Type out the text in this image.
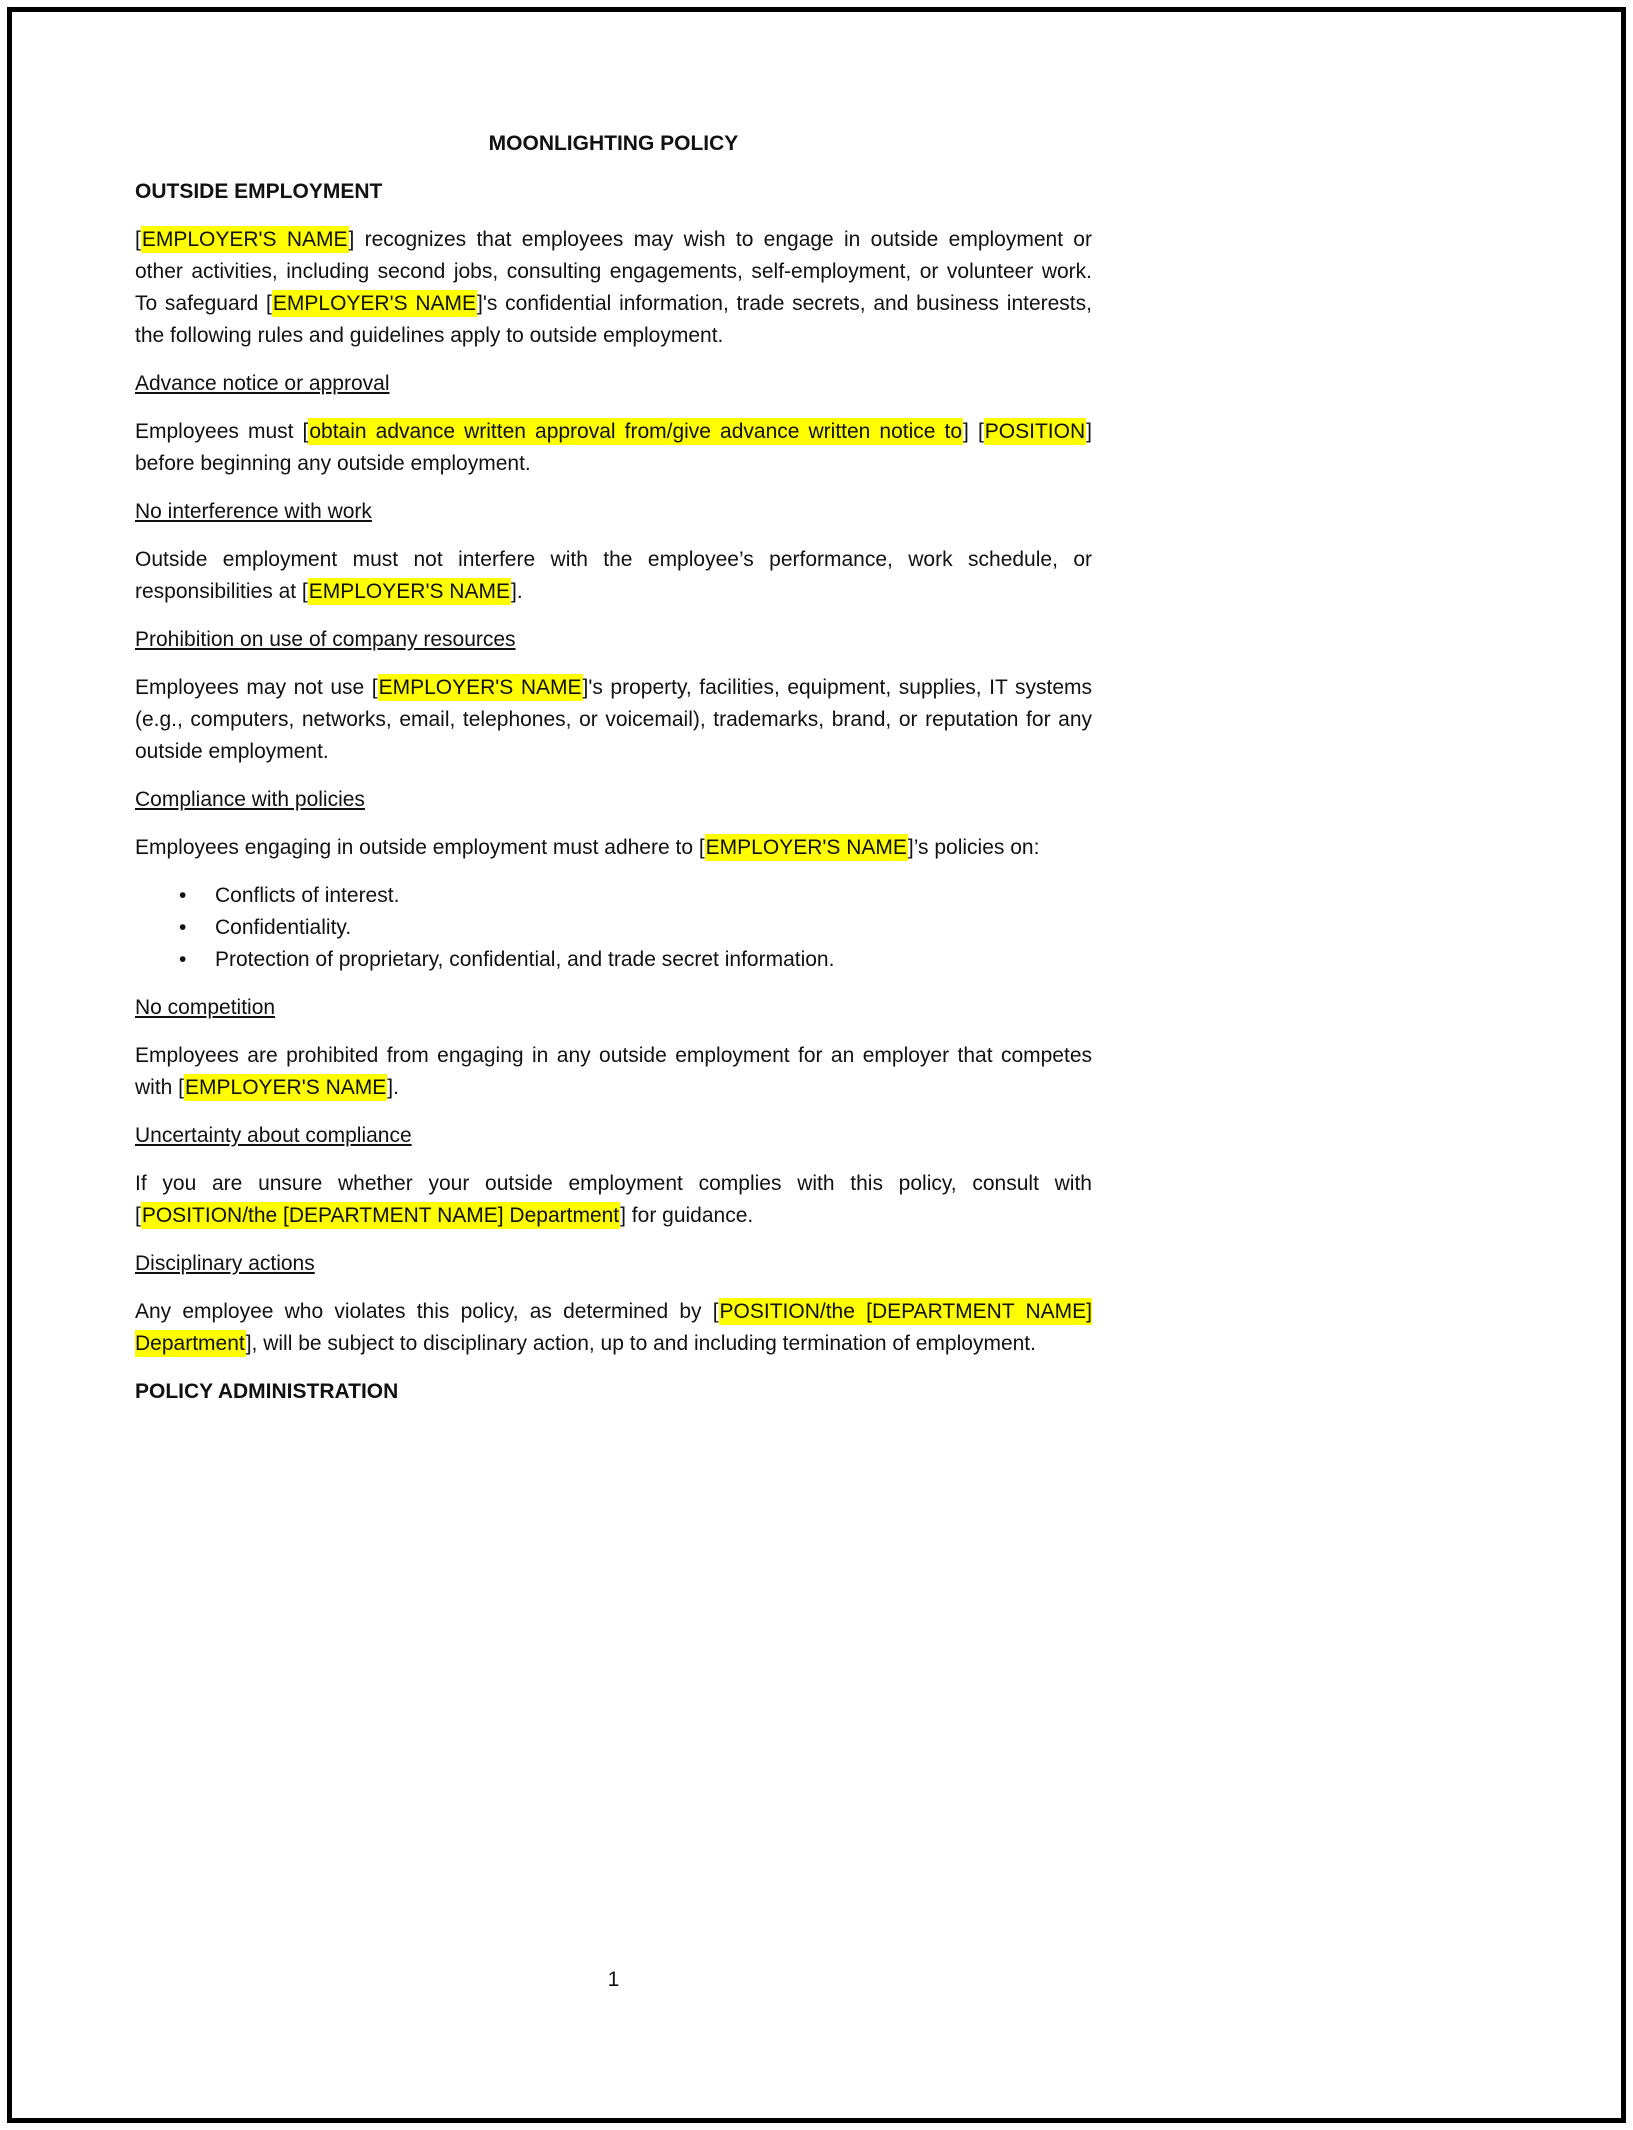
MOONLIGHTING POLICY
OUTSIDE EMPLOYMENT

[EMPLOYER'S NAME] recognizes that employees may wish to engage in outside employment or other activities, including second jobs, consulting engagements, self-employment, or volunteer work. To safeguard [EMPLOYER'S NAME]'s confidential information, trade secrets, and business interests, the following rules and guidelines apply to outside employment.

Advance notice or approval

Employees must [obtain advance written approval from/give advance written notice to] [POSITION] before beginning any outside employment.

No interference with work

Outside employment must not interfere with the employee’s performance, work schedule, or responsibilities at [EMPLOYER'S NAME].

Prohibition on use of company resources

Employees may not use [EMPLOYER'S NAME]'s property, facilities, equipment, supplies, IT systems (e.g., computers, networks, email, telephones, or voicemail), trademarks, brand, or reputation for any outside employment.

Compliance with policies

Employees engaging in outside employment must adhere to [EMPLOYER'S NAME]’s policies on:

• Conflicts of interest.
• Confidentiality.
• Protection of proprietary, confidential, and trade secret information.
No competition

Employees are prohibited from engaging in any outside employment for an employer that competes with [EMPLOYER'S NAME].

Uncertainty about compliance

If you are unsure whether your outside employment complies with this policy, consult with [POSITION/the [DEPARTMENT NAME] Department] for guidance.

Disciplinary actions

Any employee who violates this policy, as determined by [POSITION/the [DEPARTMENT NAME] Department], will be subject to disciplinary action, up to and including termination of employment.

POLICY ADMINISTRATION
1
